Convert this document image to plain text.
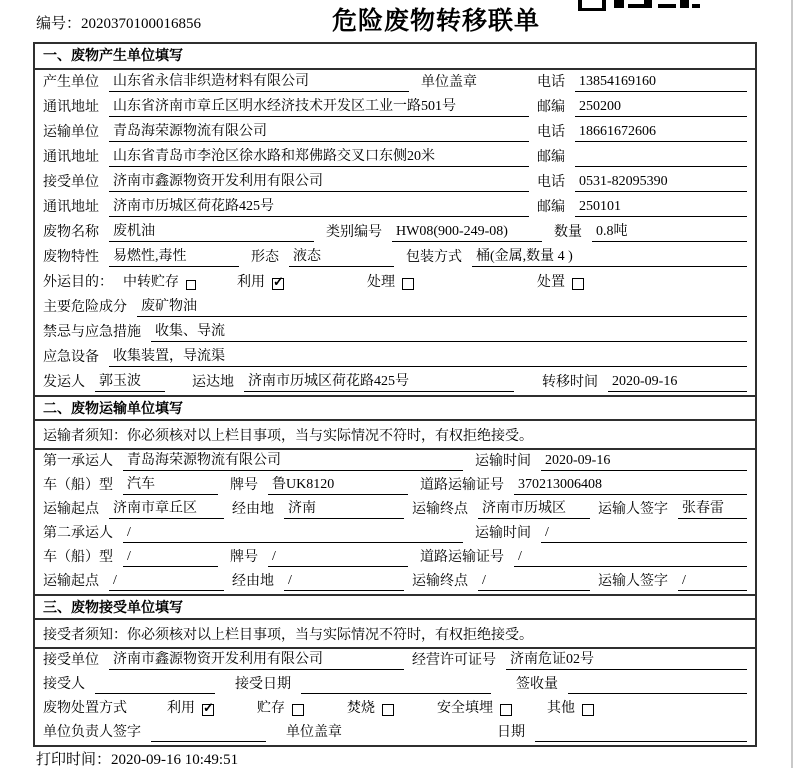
编号：2020370100016856	危险废物转移联单
一、废物产生单位填写
产生单位 山东省永信非织造材料有限公司	单位盖章	电话 13854169160
通讯地址 山东省济南市章丘区明水经济技术开发区工业一路501号	邮编 250200
运输单位 青岛海荣源物流有限公司	电话 18661672606
通讯地址 山东省青岛市李沧区徐水路和郑佛路交叉口东侧20米	邮编
接受单位 济南市鑫源物资开发利用有限公司	电话 0531-82095390
通讯地址 济南市历城区荷花路425号	邮编 250101
废物名称 废机油	类别编号 HW08(900-249-08)	数量 0.8吨
废物特性 易燃性,毒性	形态 液态	包装方式 桶(金属,数量 4 )
外运目的： 中转贮存	利用 ✓	处理	处置
主要危险成分 废矿物油
禁忌与应急措施 收集、导流
应急设备 收集装置，导流渠
发运人 郭玉波	运达地 济南市历城区荷花路425号	转移时间 2020-09-16
二、废物运输单位填写
运输者须知：你必须核对以上栏目事项，当与实际情况不符时，有权拒绝接受。
第一承运人 青岛海荣源物流有限公司	运输时间 2020-09-16
车（船）型 汽车	牌号 鲁UK8120	道路运输证号 370213006408
运输起点 济南市章丘区	经由地 济南	运输终点 济南市历城区	运输人签字 张春雷
第二承运人 /	运输时间 /
车（船）型 /	牌号 /	道路运输证号 /
运输起点 /	经由地 /	运输终点 /	运输人签字 /
三、废物接受单位填写
接受者须知：你必须核对以上栏目事项，当与实际情况不符时，有权拒绝接受。
接受单位 济南市鑫源物资开发利用有限公司	经营许可证号 济南危证02号
接受人	接受日期	签收量
废物处置方式	利用 ✓	贮存	焚烧	安全填埋	其他
单位负责人签字	单位盖章	日期
打印时间：2020-09-16 10:49:51
